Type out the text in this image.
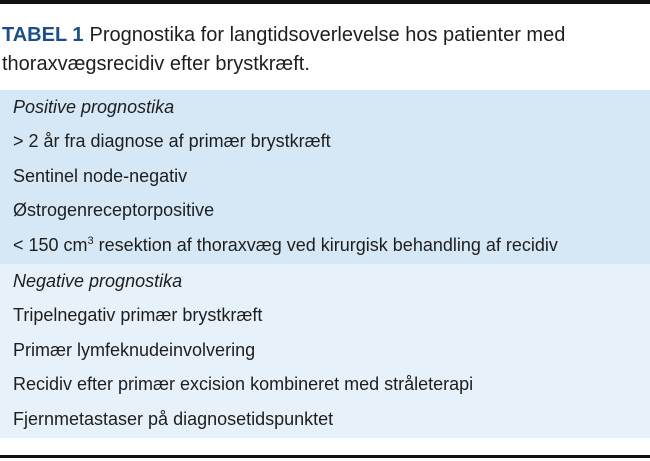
TABEL 1 Prognostika for langtidsoverlevelse hos patienter med thoraxvægsrecidiv efter brystkræft.
Positive prognostika
> 2 år fra diagnose af primær brystkræft
Sentinel node-negativ
Østrogenreceptorpositive
< 150 $cm^3$ resektion af thoraxvæg ved kirurgisk behandling af recidiv
Negative prognostika
Tripelnegativ primær brystkræft
Primær lymfeknudeinvolvering
Recidiv efter primær excision kombineret med stråleterapi
Fjernmetastaser på diagnosetidspunktet
